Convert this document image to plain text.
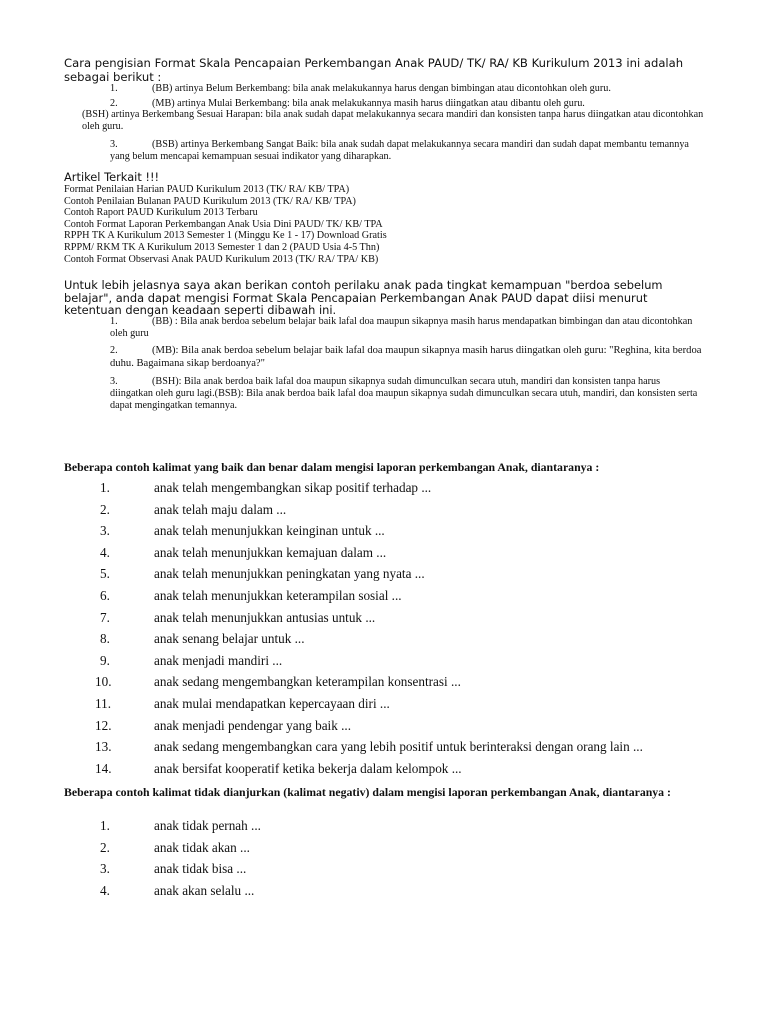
Cara pengisian Format Skala Pencapaian Perkembangan Anak PAUD/ TK/ RA/ KB Kurikulum 2013 ini adalah sebagai berikut :
1.	(BB) artinya Belum Berkembang: bila anak melakukannya harus dengan bimbingan atau dicontohkan oleh guru.
2.	(MB) artinya Mulai Berkembang: bila anak melakukannya masih harus diingatkan atau dibantu oleh guru.
(BSH) artinya Berkembang Sesuai Harapan: bila anak sudah dapat melakukannya secara mandiri dan konsisten tanpa harus diingatkan atau dicontohkan oleh guru.
3.	(BSB) artinya Berkembang Sangat Baik: bila anak sudah dapat melakukannya secara mandiri dan sudah dapat membantu temannya yang belum mencapai kemampuan sesuai indikator yang diharapkan.
Artikel Terkait !!!
Format Penilaian Harian PAUD Kurikulum 2013 (TK/ RA/ KB/ TPA)
Contoh Penilaian Bulanan PAUD Kurikulum 2013 (TK/ RA/ KB/ TPA)
Contoh Raport PAUD Kurikulum 2013 Terbaru
Contoh Format Laporan Perkembangan Anak Usia Dini PAUD/ TK/ KB/ TPA
RPPH TK A Kurikulum 2013 Semester 1 (Minggu Ke 1 - 17) Download Gratis
RPPM/ RKM TK A Kurikulum 2013 Semester 1 dan 2 (PAUD Usia 4-5 Thn)
Contoh Format Observasi Anak PAUD Kurikulum 2013 (TK/ RA/ TPA/ KB)
Untuk lebih jelasnya saya akan berikan contoh perilaku anak pada tingkat kemampuan "berdoa sebelum belajar", anda dapat mengisi Format Skala Pencapaian Perkembangan Anak PAUD dapat diisi menurut ketentuan dengan keadaan seperti dibawah ini.
1.	(BB) : Bila anak berdoa sebelum belajar baik lafal doa maupun sikapnya masih harus mendapatkan bimbingan dan atau dicontohkan oleh guru
2.	(MB): Bila anak berdoa sebelum belajar baik lafal doa maupun sikapnya masih harus diingatkan oleh guru: "Reghina, kita berdoa duhu. Bagaimana sikap berdoanya?"
3.	(BSH): Bila anak berdoa baik lafal doa maupun sikapnya sudah dimunculkan secara utuh, mandiri dan konsisten tanpa harus diingatkan oleh guru lagi.(BSB): Bila anak berdoa baik lafal doa maupun sikapnya sudah dimunculkan secara utuh, mandiri, dan konsisten serta dapat mengingatkan temannya.
Beberapa contoh kalimat yang baik dan benar dalam mengisi laporan perkembangan Anak, diantaranya :
1.	anak telah mengembangkan sikap positif terhadap ...
2.	anak telah maju dalam ...
3.	anak telah menunjukkan keinginan untuk ...
4.	anak telah menunjukkan kemajuan dalam ...
5.	anak telah menunjukkan peningkatan yang nyata ...
6.	anak telah menunjukkan keterampilan sosial ...
7.	anak telah menunjukkan antusias untuk ...
8.	anak senang belajar untuk ...
9.	anak menjadi mandiri ...
10.	anak sedang mengembangkan keterampilan konsentrasi ...
11.	anak mulai mendapatkan kepercayaan diri ...
12.	anak menjadi pendengar yang baik ...
13.	anak sedang mengembangkan cara yang lebih positif untuk berinteraksi dengan orang lain ...
14.	anak bersifat kooperatif ketika bekerja dalam kelompok ...
Beberapa contoh kalimat tidak dianjurkan (kalimat negativ) dalam mengisi laporan perkembangan Anak, diantaranya :
1.	anak tidak pernah ...
2.	anak tidak akan ...
3.	anak tidak bisa ...
4.	anak akan selalu ...
